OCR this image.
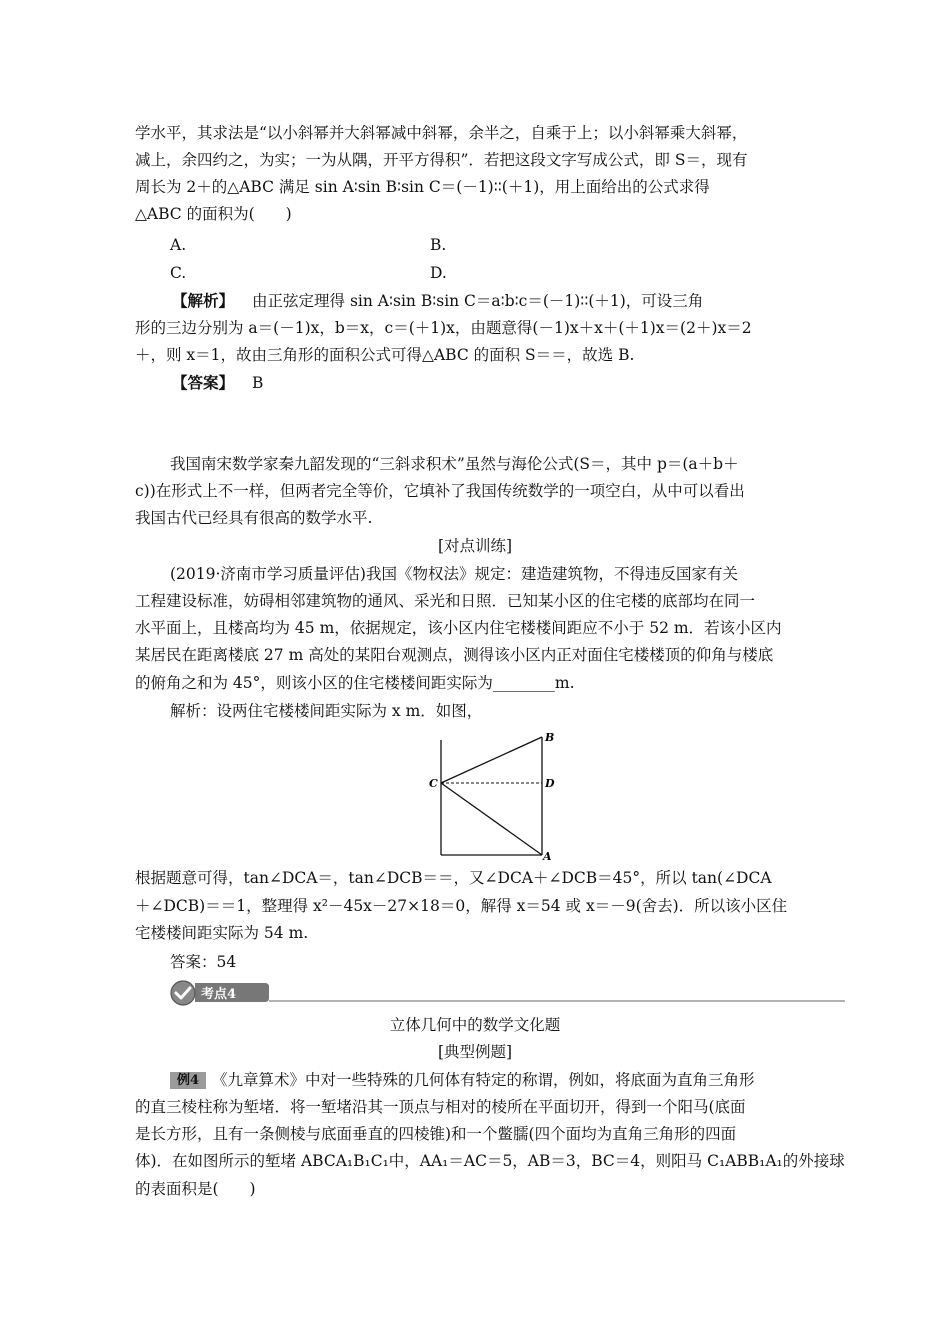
学水平，其求法是“以小斜幂并大斜幂减中斜幂，余半之，自乘于上；以小斜幂乘大斜幂，
减上，余四约之，为实；一为从隅，开平方得积”．若把这段文字写成公式，即 S＝，现有
周长为 2＋的△ABC 满足 sin A∶sin B∶sin C＝(－1)∶∶(＋1)，用上面给出的公式求得
△ABC 的面积为(　　)
A.	B.
C.	D.
【解析】 由正弦定理得 sin A∶sin B∶sin C＝a∶b∶c＝(－1)∶∶(＋1)，可设三角
形的三边分别为 a＝(－1)x，b＝x，c＝(＋1)x，由题意得(－1)x＋x＋(＋1)x＝(2＋)x＝2
＋，则 x＝1，故由三角形的面积公式可得△ABC 的面积 S＝＝，故选 B.
【答案】 B
我国南宋数学家秦九韶发现的“三斜求积术”虽然与海伦公式(S＝，其中 p＝(a＋b＋
c))在形式上不一样，但两者完全等价，它填补了我国传统数学的一项空白，从中可以看出
我国古代已经具有很高的数学水平.
[对点训练]
(2019·济南市学习质量评估)我国《物权法》规定：建造建筑物，不得违反国家有关
工程建设标准，妨碍相邻建筑物的通风、采光和日照．已知某小区的住宅楼的底部均在同一
水平面上，且楼高均为 45 m，依据规定，该小区内住宅楼楼间距应不小于 52 m．若该小区内
某居民在距离楼底 27 m 高处的某阳台观测点，测得该小区内正对面住宅楼楼顶的仰角与楼底
的俯角之和为 45°，则该小区的住宅楼楼间距实际为________m.
解析：设两住宅楼楼间距实际为 x m．如图，
B
C	D
A
根据题意可得，tan∠DCA＝，tan∠DCB＝＝，又∠DCA＋∠DCB＝45°，所以 tan(∠DCA
＋∠DCB)＝＝1，整理得 x²－45x－27×18＝0，解得 x＝54 或 x＝－9(舍去)．所以该小区住
宅楼楼间距实际为 54 m.
答案：54
考点4
立体几何中的数学文化题
[典型例题]
例4 《九章算术》中对一些特殊的几何体有特定的称谓，例如，将底面为直角三角形
的直三棱柱称为堑堵．将一堑堵沿其一顶点与相对的棱所在平面切开，得到一个阳马(底面
是长方形，且有一条侧棱与底面垂直的四棱锥)和一个鳖臑(四个面均为直角三角形的四面
体)．在如图所示的堑堵 ABCA₁B₁C₁中，AA₁＝AC＝5，AB＝3，BC＝4，则阳马 C₁ABB₁A₁的外接球
的表面积是(　　)
